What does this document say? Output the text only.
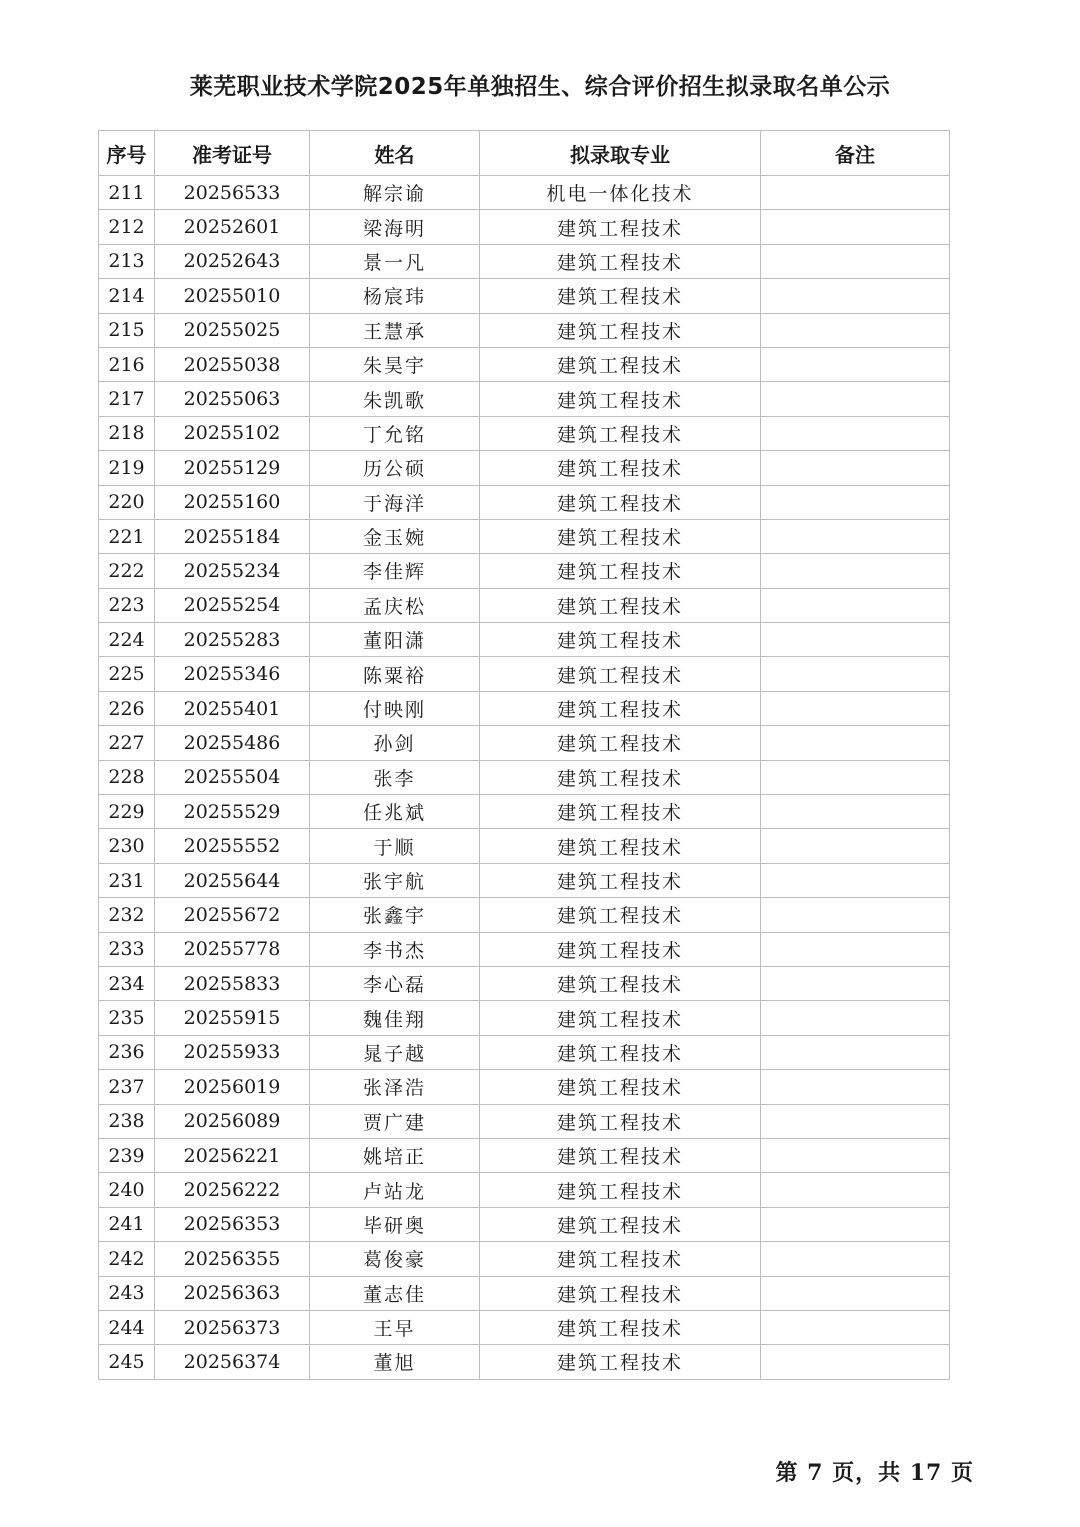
莱芜职业技术学院2025年单独招生、综合评价招生拟录取名单公示
序号	准考证号	姓名	拟录取专业	备注
211	20256533	解宗谕	机电一体化技术	
212	20252601	梁海明	建筑工程技术	
213	20252643	景一凡	建筑工程技术	
214	20255010	杨宸玮	建筑工程技术	
215	20255025	王慧承	建筑工程技术	
216	20255038	朱昊宇	建筑工程技术	
217	20255063	朱凯歌	建筑工程技术	
218	20255102	丁允铭	建筑工程技术	
219	20255129	历公硕	建筑工程技术	
220	20255160	于海洋	建筑工程技术	
221	20255184	金玉婉	建筑工程技术	
222	20255234	李佳辉	建筑工程技术	
223	20255254	孟庆松	建筑工程技术	
224	20255283	董阳潇	建筑工程技术	
225	20255346	陈粟裕	建筑工程技术	
226	20255401	付映刚	建筑工程技术	
227	20255486	孙剑	建筑工程技术	
228	20255504	张李	建筑工程技术	
229	20255529	任兆斌	建筑工程技术	
230	20255552	于顺	建筑工程技术	
231	20255644	张宇航	建筑工程技术	
232	20255672	张鑫宇	建筑工程技术	
233	20255778	李书杰	建筑工程技术	
234	20255833	李心磊	建筑工程技术	
235	20255915	魏佳翔	建筑工程技术	
236	20255933	晁子越	建筑工程技术	
237	20256019	张泽浩	建筑工程技术	
238	20256089	贾广建	建筑工程技术	
239	20256221	姚培正	建筑工程技术	
240	20256222	卢站龙	建筑工程技术	
241	20256353	毕研奥	建筑工程技术	
242	20256355	葛俊豪	建筑工程技术	
243	20256363	董志佳	建筑工程技术	
244	20256373	王早	建筑工程技术	
245	20256374	董旭	建筑工程技术	
第 7 页，共 17 页
